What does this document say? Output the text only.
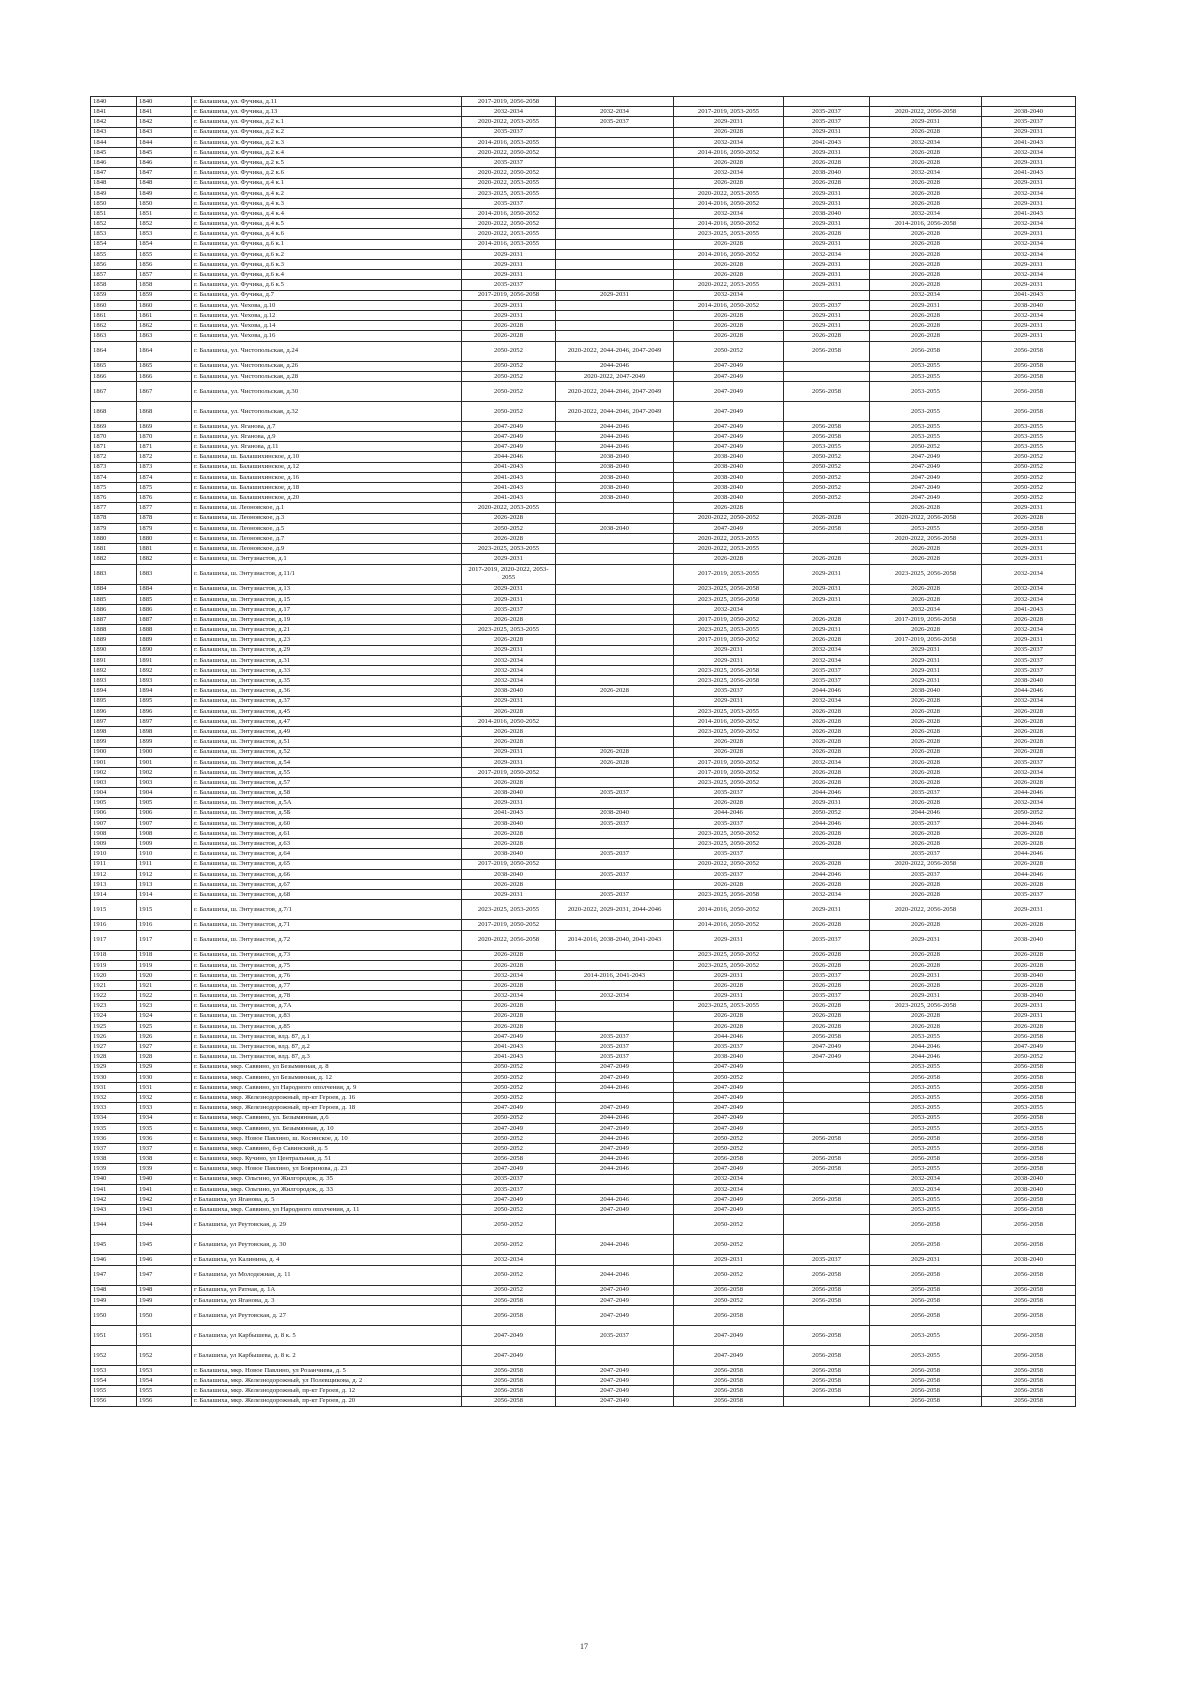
1840	1840	г. Балашиха, ул. Фучика, д.11	2017-2019, 2056-2058					
1841	1841	г. Балашиха, ул. Фучика, д.13	2032-2034	2032-2034	2017-2019, 2053-2055	2035-2037	2020-2022, 2056-2058	2038-2040
1842	1842	г. Балашиха, ул. Фучика, д.2 к.1	2020-2022, 2053-2055	2035-2037	2029-2031	2035-2037	2029-2031	2035-2037
1843	1843	г. Балашиха, ул. Фучика, д.2 к.2	2035-2037		2026-2028	2029-2031	2026-2028	2029-2031
1844	1844	г. Балашиха, ул. Фучика, д.2 к.3	2014-2016, 2053-2055		2032-2034	2041-2043	2032-2034	2041-2043
1845	1845	г. Балашиха, ул. Фучика, д.2 к.4	2020-2022, 2050-2052		2014-2016, 2050-2052	2029-2031	2026-2028	2032-2034
1846	1846	г. Балашиха, ул. Фучика, д.2 к.5	2035-2037		2026-2028	2026-2028	2026-2028	2029-2031
1847	1847	г. Балашиха, ул. Фучика, д.2 к.6	2020-2022, 2050-2052		2032-2034	2038-2040	2032-2034	2041-2043
1848	1848	г. Балашиха, ул. Фучика, д.4 к.1	2020-2022, 2053-2055		2026-2028	2026-2028	2026-2028	2029-2031
1849	1849	г. Балашиха, ул. Фучика, д.4 к.2	2023-2025, 2053-2055		2020-2022, 2053-2055	2029-2031	2026-2028	2032-2034
1850	1850	г. Балашиха, ул. Фучика, д.4 к.3	2035-2037		2014-2016, 2050-2052	2029-2031	2026-2028	2029-2031
1851	1851	г. Балашиха, ул. Фучика, д.4 к.4	2014-2016, 2050-2052		2032-2034	2038-2040	2032-2034	2041-2043
1852	1852	г. Балашиха, ул. Фучика, д.4 к.5	2020-2022, 2050-2052		2014-2016, 2050-2052	2029-2031	2014-2016, 2056-2058	2032-2034
1853	1853	г. Балашиха, ул. Фучика, д.4 к.6	2020-2022, 2053-2055		2023-2025, 2053-2055	2026-2028	2026-2028	2029-2031
1854	1854	г. Балашиха, ул. Фучика, д.6 к.1	2014-2016, 2053-2055		2026-2028	2029-2031	2026-2028	2032-2034
1855	1855	г. Балашиха, ул. Фучика, д.6 к.2	2029-2031		2014-2016, 2050-2052	2032-2034	2026-2028	2032-2034
1856	1856	г. Балашиха, ул. Фучика, д.6 к.3	2029-2031		2026-2028	2029-2031	2026-2028	2029-2031
1857	1857	г. Балашиха, ул. Фучика, д.6 к.4	2029-2031		2026-2028	2029-2031	2026-2028	2032-2034
1858	1858	г. Балашиха, ул. Фучика, д.6 к.5	2035-2037		2020-2022, 2053-2055	2029-2031	2026-2028	2029-2031
1859	1859	г. Балашиха, ул. Фучика, д.7	2017-2019, 2056-2058	2029-2031	2032-2034		2032-2034	2041-2043
1860	1860	г. Балашиха, ул. Чехова, д.10	2029-2031		2014-2016, 2050-2052	2035-2037	2029-2031	2038-2040
1861	1861	г. Балашиха, ул. Чехова, д.12	2029-2031		2026-2028	2029-2031	2026-2028	2032-2034
1862	1862	г. Балашиха, ул. Чехова, д.14	2026-2028		2026-2028	2029-2031	2026-2028	2029-2031
1863	1863	г. Балашиха, ул. Чехова, д.16	2026-2028		2026-2028	2026-2028	2026-2028	2029-2031
1864	1864	г. Балашиха, ул. Чистопольская, д.24	2050-2052	2020-2022, 2044-2046, 2047-2049	2050-2052	2056-2058	2056-2058	2056-2058
1865	1865	г. Балашиха, ул. Чистопольская, д.26	2050-2052	2044-2046	2047-2049		2053-2055	2056-2058
1866	1866	г. Балашиха, ул. Чистопольская, д.28	2050-2052	2020-2022, 2047-2049	2047-2049		2053-2055	2056-2058
1867	1867	г. Балашиха, ул. Чистопольская, д.30	2050-2052	2020-2022, 2044-2046, 2047-2049	2047-2049	2056-2058	2053-2055	2056-2058
1868	1868	г. Балашиха, ул. Чистопольская, д.32	2050-2052	2020-2022, 2044-2046, 2047-2049	2047-2049		2053-2055	2056-2058
1869	1869	г. Балашиха, ул. Яганова, д.7	2047-2049	2044-2046	2047-2049	2056-2058	2053-2055	2053-2055
1870	1870	г. Балашиха, ул. Яганова, д.9	2047-2049	2044-2046	2047-2049	2056-2058	2053-2055	2053-2055
1871	1871	г. Балашиха, ул. Яганова, д.11	2047-2049	2044-2046	2047-2049	2053-2055	2050-2052	2053-2055
1872	1872	г. Балашиха, ш. Балашихинское, д.10	2044-2046	2038-2040	2038-2040	2050-2052	2047-2049	2050-2052
1873	1873	г. Балашиха, ш. Балашихинское, д.12	2041-2043	2038-2040	2038-2040	2050-2052	2047-2049	2050-2052
1874	1874	г. Балашиха, ш. Балашихинское, д.16	2041-2043	2038-2040	2038-2040	2050-2052	2047-2049	2050-2052
1875	1875	г. Балашиха, ш. Балашихинское, д.18	2041-2043	2038-2040	2038-2040	2050-2052	2047-2049	2050-2052
1876	1876	г. Балашиха, ш. Балашихинское, д.20	2041-2043	2038-2040	2038-2040	2050-2052	2047-2049	2050-2052
1877	1877	г. Балашиха, ш. Леоновское, д.1	2020-2022, 2053-2055		2026-2028		2026-2028	2029-2031
1878	1878	г. Балашиха, ш. Леоновское, д.3	2026-2028		2020-2022, 2050-2052	2026-2028	2020-2022, 2056-2058	2026-2028
1879	1879	г. Балашиха, ш. Леоновское, д.5	2050-2052	2038-2040	2047-2049	2056-2058	2053-2055	2050-2058
1880	1880	г. Балашиха, ш. Леоновское, д.7	2026-2028		2020-2022, 2053-2055		2020-2022, 2056-2058	2029-2031
1881	1881	г. Балашиха, ш. Леоновское, д.9	2023-2025, 2053-2055		2020-2022, 2053-2055		2026-2028	2029-2031
1882	1882	г. Балашиха, ш. Энтузиастов, д.1	2029-2031		2026-2028	2026-2028	2026-2028	2029-2031
1883	1883	г. Балашиха, ш. Энтузиастов, д.11/1	2017-2019, 2020-2022, 2053-2055		2017-2019, 2053-2055	2029-2031	2023-2025, 2056-2058	2032-2034
1884	1884	г. Балашиха, ш. Энтузиастов, д.13	2029-2031		2023-2025, 2056-2058	2029-2031	2026-2028	2032-2034
1885	1885	г. Балашиха, ш. Энтузиастов, д.15	2029-2031		2023-2025, 2056-2058	2029-2031	2026-2028	2032-2034
1886	1886	г. Балашиха, ш. Энтузиастов, д.17	2035-2037		2032-2034		2032-2034	2041-2043
1887	1887	г. Балашиха, ш. Энтузиастов, д.19	2026-2028		2017-2019, 2050-2052	2026-2028	2017-2019, 2056-2058	2026-2028
1888	1888	г. Балашиха, ш. Энтузиастов, д.21	2023-2025, 2053-2055		2023-2025, 2053-2055	2029-2031	2026-2028	2032-2034
1889	1889	г. Балашиха, ш. Энтузиастов, д.23	2026-2028		2017-2019, 2050-2052	2026-2028	2017-2019, 2056-2058	2029-2031
1890	1890	г. Балашиха, ш. Энтузиастов, д.29	2029-2031		2029-2031	2032-2034	2029-2031	2035-2037
1891	1891	г. Балашиха, ш. Энтузиастов, д.31	2032-2034		2029-2031	2032-2034	2029-2031	2035-2037
1892	1892	г. Балашиха, ш. Энтузиастов, д.33	2032-2034		2023-2025, 2056-2058	2035-2037	2029-2031	2035-2037
1893	1893	г. Балашиха, ш. Энтузиастов, д.35	2032-2034		2023-2025, 2056-2058	2035-2037	2029-2031	2038-2040
1894	1894	г. Балашиха, ш. Энтузиастов, д.36	2038-2040	2026-2028	2035-2037	2044-2046	2038-2040	2044-2046
1895	1895	г. Балашиха, ш. Энтузиастов, д.37	2029-2031		2029-2031	2032-2034	2026-2028	2032-2034
1896	1896	г. Балашиха, ш. Энтузиастов, д.45	2026-2028		2023-2025, 2053-2055	2026-2028	2026-2028	2026-2028
1897	1897	г. Балашиха, ш. Энтузиастов, д.47	2014-2016, 2050-2052		2014-2016, 2050-2052	2026-2028	2026-2028	2026-2028
1898	1898	г. Балашиха, ш. Энтузиастов, д.49	2026-2028		2023-2025, 2050-2052	2026-2028	2026-2028	2026-2028
1899	1899	г. Балашиха, ш. Энтузиастов, д.51	2026-2028		2026-2028	2026-2028	2026-2028	2026-2028
1900	1900	г. Балашиха, ш. Энтузиастов, д.52	2029-2031	2026-2028	2026-2028	2026-2028	2026-2028	2026-2028
1901	1901	г. Балашиха, ш. Энтузиастов, д.54	2029-2031	2026-2028	2017-2019, 2050-2052	2032-2034	2026-2028	2035-2037
1902	1902	г. Балашиха, ш. Энтузиастов, д.55	2017-2019, 2050-2052		2017-2019, 2050-2052	2026-2028	2026-2028	2032-2034
1903	1903	г. Балашиха, ш. Энтузиастов, д.57	2026-2028		2023-2025, 2050-2052	2026-2028	2026-2028	2026-2028
1904	1904	г. Балашиха, ш. Энтузиастов, д.58	2038-2040	2035-2037	2035-2037	2044-2046	2035-2037	2044-2046
1905	1905	г. Балашиха, ш. Энтузиастов, д.5А	2029-2031		2026-2028	2029-2031	2026-2028	2032-2034
1906	1906	г. Балашиха, ш. Энтузиастов, д.5Б	2041-2043	2038-2040	2044-2046	2050-2052	2044-2046	2050-2052
1907	1907	г. Балашиха, ш. Энтузиастов, д.60	2038-2040	2035-2037	2035-2037	2044-2046	2035-2037	2044-2046
1908	1908	г. Балашиха, ш. Энтузиастов, д.61	2026-2028		2023-2025, 2050-2052	2026-2028	2026-2028	2026-2028
1909	1909	г. Балашиха, ш. Энтузиастов, д.63	2026-2028		2023-2025, 2050-2052	2026-2028	2026-2028	2026-2028
1910	1910	г. Балашиха, ш. Энтузиастов, д.64	2038-2040	2035-2037	2035-2037		2035-2037	2044-2046
1911	1911	г. Балашиха, ш. Энтузиастов, д.65	2017-2019, 2050-2052		2020-2022, 2050-2052	2026-2028	2020-2022, 2056-2058	2026-2028
1912	1912	г. Балашиха, ш. Энтузиастов, д.66	2038-2040	2035-2037	2035-2037	2044-2046	2035-2037	2044-2046
1913	1913	г. Балашиха, ш. Энтузиастов, д.67	2026-2028		2026-2028	2026-2028	2026-2028	2026-2028
1914	1914	г. Балашиха, ш. Энтузиастов, д.68	2029-2031	2035-2037	2023-2025, 2056-2058	2032-2034	2026-2028	2035-2037
1915	1915	г. Балашиха, ш. Энтузиастов, д.7/1	2023-2025, 2053-2055	2020-2022, 2029-2031, 2044-2046	2014-2016, 2050-2052	2029-2031	2020-2022, 2056-2058	2029-2031
1916	1916	г. Балашиха, ш. Энтузиастов, д.71	2017-2019, 2050-2052		2014-2016, 2050-2052	2026-2028	2026-2028	2026-2028
1917	1917	г. Балашиха, ш. Энтузиастов, д.72	2020-2022, 2056-2058	2014-2016, 2038-2040, 2041-2043	2029-2031	2035-2037	2029-2031	2038-2040
1918	1918	г. Балашиха, ш. Энтузиастов, д.73	2026-2028		2023-2025, 2050-2052	2026-2028	2026-2028	2026-2028
1919	1919	г. Балашиха, ш. Энтузиастов, д.75	2026-2028		2023-2025, 2050-2052	2026-2028	2026-2028	2026-2028
1920	1920	г. Балашиха, ш. Энтузиастов, д.76	2032-2034	2014-2016, 2041-2043	2029-2031	2035-2037	2029-2031	2038-2040
1921	1921	г. Балашиха, ш. Энтузиастов, д.77	2026-2028		2026-2028	2026-2028	2026-2028	2026-2028
1922	1922	г. Балашиха, ш. Энтузиастов, д.78	2032-2034	2032-2034	2029-2031	2035-2037	2029-2031	2038-2040
1923	1923	г. Балашиха, ш. Энтузиастов, д.7А	2026-2028		2023-2025, 2053-2055	2026-2028	2023-2025, 2056-2058	2029-2031
1924	1924	г. Балашиха, ш. Энтузиастов, д.83	2026-2028		2026-2028	2026-2028	2026-2028	2029-2031
1925	1925	г. Балашиха, ш. Энтузиастов, д.85	2026-2028		2026-2028	2026-2028	2026-2028	2026-2028
1926	1926	г. Балашиха, ш. Энтузиастов, влд. 87, д.1	2047-2049	2035-2037	2044-2046	2056-2058	2053-2055	2056-2058
1927	1927	г. Балашиха, ш. Энтузиастов, влд. 87, д.2	2041-2043	2035-2037	2035-2037	2047-2049	2044-2046	2047-2049
1928	1928	г. Балашиха, ш. Энтузиастов, влд. 87, д.3	2041-2043	2035-2037	2038-2040	2047-2049	2044-2046	2050-2052
1929	1929	г. Балашиха, мкр. Саввино, ул Безымянная, д. 8	2050-2052	2047-2049	2047-2049		2053-2055	2056-2058
1930	1930	г. Балашиха, мкр. Саввино, ул Безымянная, д. 12	2050-2052	2047-2049	2050-2052		2056-2058	2056-2058
1931	1931	г. Балашиха, мкр. Саввино, ул Народного ополчения, д. 9	2050-2052	2044-2046	2047-2049		2053-2055	2056-2058
1932	1932	г. Балашиха, мкр. Железнодорожный, пр-кт Героев, д. 16	2050-2052		2047-2049		2053-2055	2056-2058
1933	1933	г. Балашиха, мкр. Железнодорожный, пр-кт Героев, д. 18	2047-2049	2047-2049	2047-2049		2053-2055	2053-2055
1934	1934	г. Балашиха, мкр. Саввино, ул. Безымянная, д.6	2050-2052	2044-2046	2047-2049		2053-2055	2056-2058
1935	1935	г. Балашиха, мкр. Саввино, ул. Безымянная, д. 10	2047-2049	2047-2049	2047-2049		2053-2055	2053-2055
1936	1936	г. Балашиха, мкр. Новое Павлино, ш. Косинское, д. 10	2050-2052	2044-2046	2050-2052	2056-2058	2056-2058	2056-2058
1937	1937	г. Балашиха, мкр. Саввино, б-р Савинский, д. 5	2050-2052	2047-2049	2050-2052		2053-2055	2056-2058
1938	1938	г. Балашиха, мкр. Кучино, ул Центральная, д. 51	2056-2058	2044-2046	2056-2058	2056-2058	2056-2058	2056-2058
1939	1939	г. Балашиха, мкр. Новое Павлино, ул Бояринова, д. 23	2047-2049	2044-2046	2047-2049	2056-2058	2053-2055	2056-2058
1940	1940	г. Балашиха, мкр. Ольгино, ул Жилгородок, д. 35	2035-2037		2032-2034		2032-2034	2038-2040
1941	1941	г. Балашиха, мкр. Ольгино, ул Жилгородок, д. 33	2035-2037		2032-2034		2032-2034	2038-2040
1942	1942	г Балашиха, ул Яганова, д. 5	2047-2049	2044-2046	2047-2049	2056-2058	2053-2055	2056-2058
1943	1943	г. Балашиха, мкр. Саввино, ул Народного ополчения, д. 11	2050-2052	2047-2049	2047-2049		2053-2055	2056-2058
1944	1944	г Балашиха, ул Реутовская, д. 29	2050-2052		2050-2052		2056-2058	2056-2058
1945	1945	г Балашиха, ул Реутовская, д. 30	2050-2052	2044-2046	2050-2052		2056-2058	2056-2058
1946	1946	г Балашиха, ул Калинина, д. 4	2032-2034		2029-2031	2035-2037	2029-2031	2038-2040
1947	1947	г Балашиха, ул Молодежная, д. 11	2050-2052	2044-2046	2050-2052	2056-2058	2056-2058	2056-2058
1948	1948	г Балашиха, ул Ратная, д. 1А	2050-2052	2047-2049	2056-2058	2056-2058	2056-2058	2056-2058
1949	1949	г Балашиха, ул Яганова, д. 3	2056-2058	2047-2049	2050-2052	2056-2058	2056-2058	2056-2058
1950	1950	г Балашиха, ул Реутовская, д. 27	2056-2058	2047-2049	2056-2058		2056-2058	2056-2058
1951	1951	г Балашиха, ул Карбышева, д. 8 к. 5	2047-2049	2035-2037	2047-2049	2056-2058	2053-2055	2056-2058
1952	1952	г Балашиха, ул Карбышева, д. 8 к. 2	2047-2049		2047-2049	2056-2058	2053-2055	2056-2058
1953	1953	г. Балашиха, мкр. Новое Павлино, ул Розанчиева, д. 5	2056-2058	2047-2049	2056-2058	2056-2058	2056-2058	2056-2058
1954	1954	г. Балашиха, мкр. Железнодорожный, ул Полевщикова, д. 2	2056-2058	2047-2049	2056-2058	2056-2058	2056-2058	2056-2058
1955	1955	г. Балашиха, мкр. Железнодорожный, пр-кт Героев, д. 12	2056-2058	2047-2049	2056-2058	2056-2058	2056-2058	2056-2058
1956	1956	г. Балашиха, мкр. Железнодорожный, пр-кт Героев, д. 20	2056-2058	2047-2049	2056-2058		2056-2058	2056-2058
17
